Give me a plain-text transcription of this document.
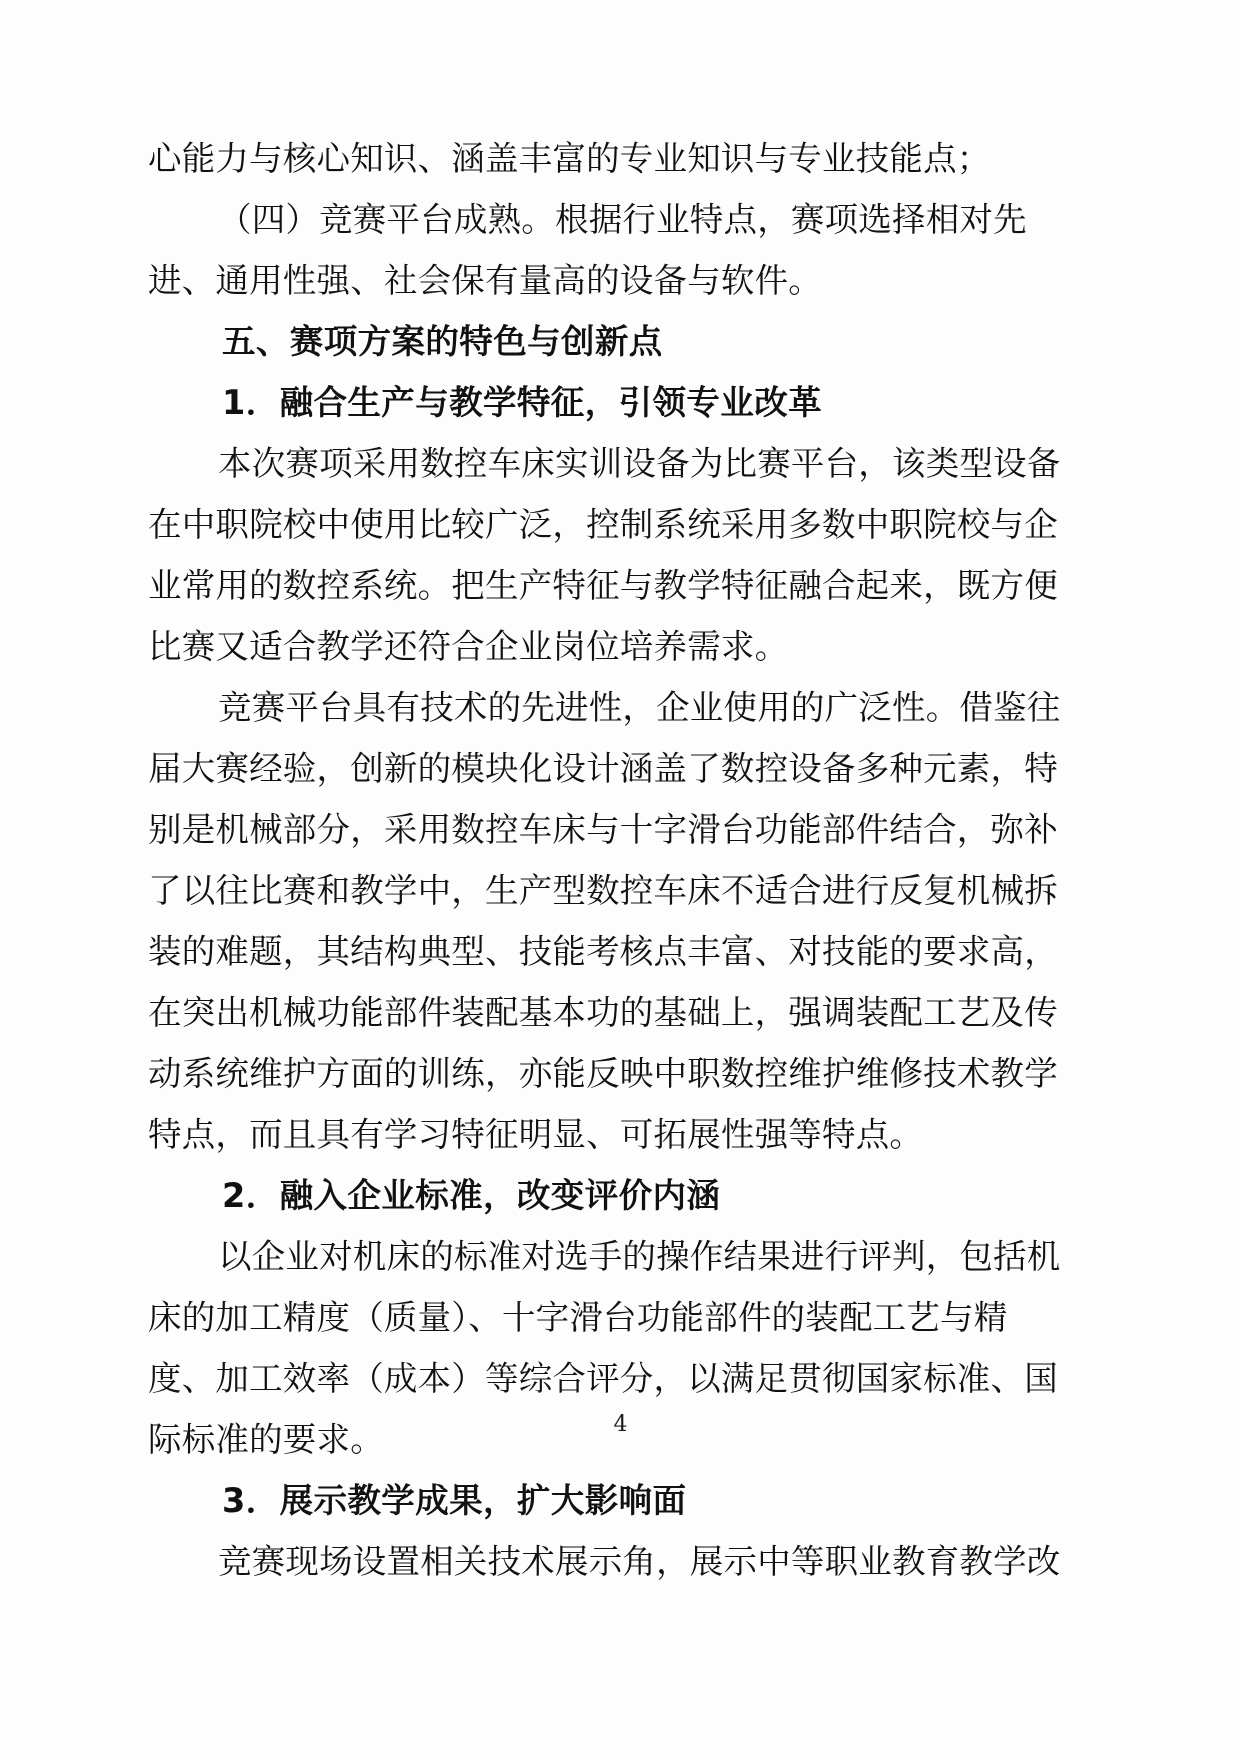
心能力与核心知识、涵盖丰富的专业知识与专业技能点；
（四）竞赛平台成熟。根据行业特点，赛项选择相对先
进、通用性强、社会保有量高的设备与软件。
五、赛项方案的特色与创新点
1．融合生产与教学特征，引领专业改革
本次赛项采用数控车床实训设备为比赛平台，该类型设备
在中职院校中使用比较广泛，控制系统采用多数中职院校与企
业常用的数控系统。把生产特征与教学特征融合起来，既方便
比赛又适合教学还符合企业岗位培养需求。
竞赛平台具有技术的先进性，企业使用的广泛性。借鉴往
届大赛经验，创新的模块化设计涵盖了数控设备多种元素，特
别是机械部分，采用数控车床与十字滑台功能部件结合，弥补
了以往比赛和教学中，生产型数控车床不适合进行反复机械拆
装的难题，其结构典型、技能考核点丰富、对技能的要求高，
在突出机械功能部件装配基本功的基础上，强调装配工艺及传
动系统维护方面的训练，亦能反映中职数控维护维修技术教学
特点，而且具有学习特征明显、可拓展性强等特点。
2．融入企业标准，改变评价内涵
以企业对机床的标准对选手的操作结果进行评判，包括机
床的加工精度（质量）、十字滑台功能部件的装配工艺与精
度、加工效率（成本）等综合评分，以满足贯彻国家标准、国
际标准的要求。
3．展示教学成果，扩大影响面
竞赛现场设置相关技术展示角，展示中等职业教育教学改
4
